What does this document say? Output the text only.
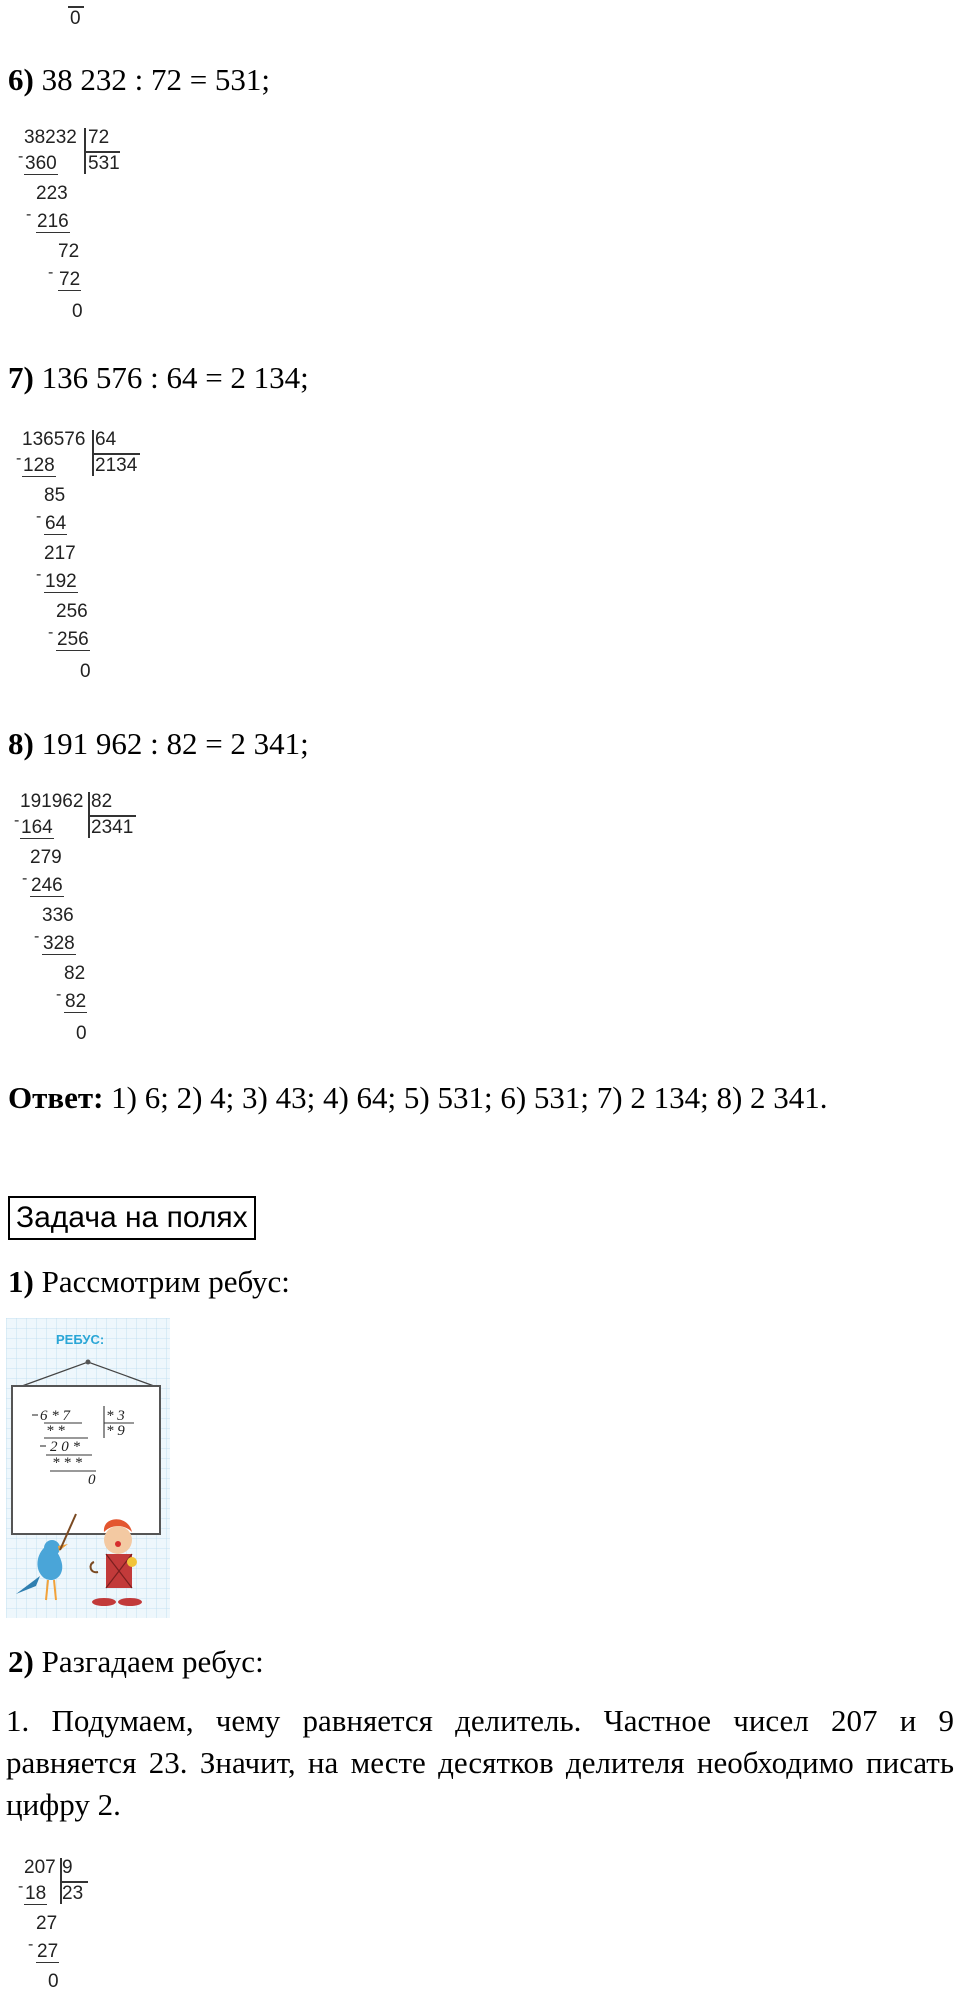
0
6) 38 232 : 72 = 531;
38232 72
531
- 360
223
- 216
72
- 72
0
7) 136 576 : 64 = 2 134;
136576 64
2134
- 128
85
- 64
217
- 192
256
- 256
0
8) 191 962 : 82 = 2 341;
191962 82
2341
- 164
279
- 246
336
- 328
82
- 82
0
Ответ: 1) 6; 2) 4; 3) 43; 4) 64; 5) 531; 6) 531; 7) 2 134; 8) 2 341.
Задача на полях
1) Рассмотрим ребус:
РЕБУС:
6 * 7 * 3
* *	* 9
2 0 *
* * *
0
2) Разгадаем ребус:
1. Подумаем, чему равняется делитель. Частное чисел 207 и 9 равняется 23. Значит, на месте десятков делителя необходимо писать цифру 2.
207 9
23
- 18
27
- 27
0
